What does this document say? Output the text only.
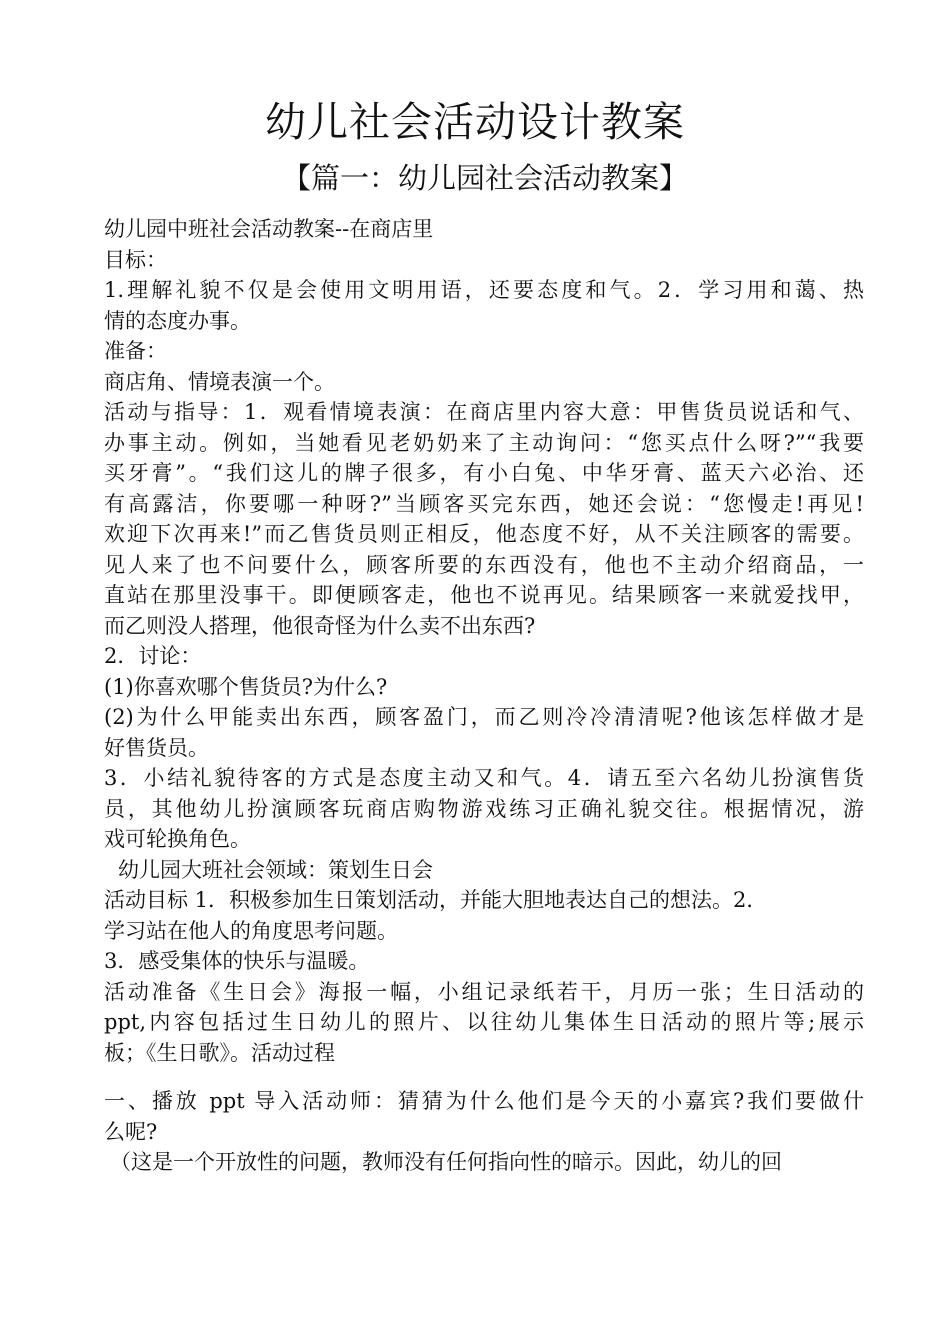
幼儿社会活动设计教案
【篇一：幼儿园社会活动教案】
幼儿园中班社会活动教案--在商店里
目标：
1.理解礼貌不仅是会使用文明用语，还要态度和气。2．学习用和蔼、热
情的态度办事。
准备：
商店角、情境表演一个。
活动与指导：1．观看情境表演：在商店里内容大意：甲售货员说话和气、
办事主动。例如，当她看见老奶奶来了主动询问：“您买点什么呀?”“我要
买牙膏”。“我们这儿的牌子很多，有小白兔、中华牙膏、蓝天六必治、还
有高露洁，你要哪一种呀?”当顾客买完东西，她还会说：“您慢走!再见!
欢迎下次再来!”而乙售货员则正相反，他态度不好，从不关注顾客的需要。
见人来了也不问要什么，顾客所要的东西没有，他也不主动介绍商品，一
直站在那里没事干。即便顾客走，他也不说再见。结果顾客一来就爱找甲，
而乙则没人搭理，他很奇怪为什么卖不出东西?
2．讨论：
(1)你喜欢哪个售货员?为什么?
(2)为什么甲能卖出东西，顾客盈门，而乙则冷冷清清呢?他该怎样做才是
好售货员。
3．小结礼貌待客的方式是态度主动又和气。4．请五至六名幼儿扮演售货
员，其他幼儿扮演顾客玩商店购物游戏练习正确礼貌交往。根据情况，游
戏可轮换角色。
幼儿园大班社会领域：策划生日会
活动目标 1．积极参加生日策划活动，并能大胆地表达自己的想法。2．
学习站在他人的角度思考问题。
3．感受集体的快乐与温暖。
活动准备《生日会》海报一幅，小组记录纸若干，月历一张；生日活动的
ppt,内容包括过生日幼儿的照片、以往幼儿集体生日活动的照片等;展示
板；《生日歌》。活动过程
一、播放 ppt 导入活动师：猜猜为什么他们是今天的小嘉宾?我们要做什
么呢?
（这是一个开放性的问题，教师没有任何指向性的暗示。因此，幼儿的回
